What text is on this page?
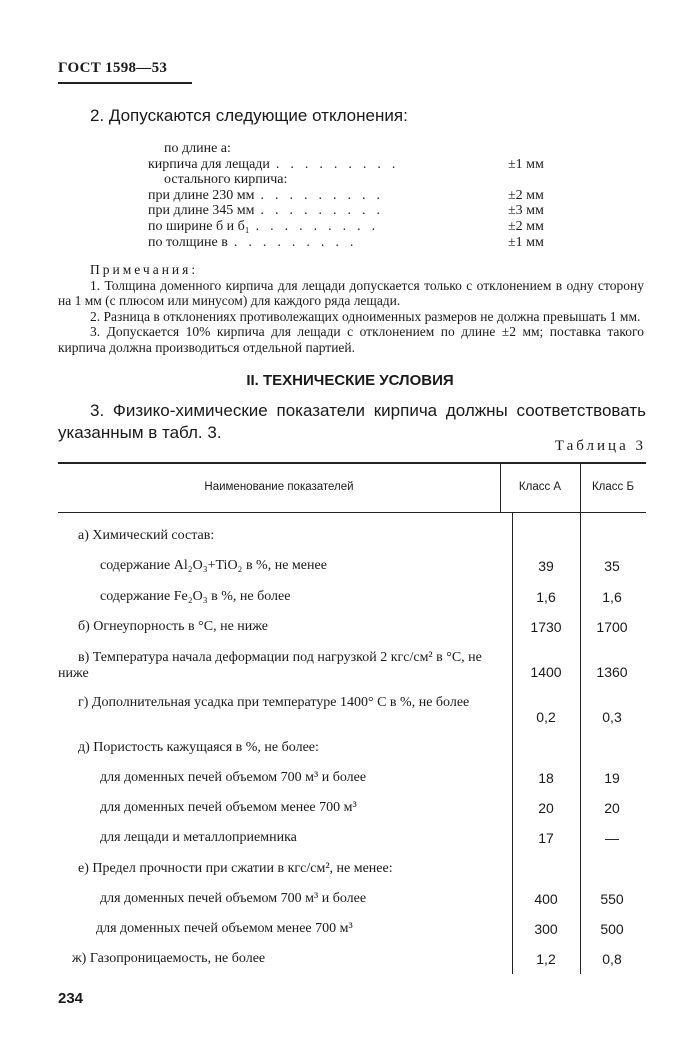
ГОСТ 1598—53
2. Допускаются следующие отклонения:
по длине a:
кирпича для лещади .........	±1 мм
остального кирпича:
при длине 230 мм .........	±2 мм
при длине 345 мм .........	±3 мм
по ширине б и б₁ .........	±2 мм
по толщине в .........	±1 мм
Примечания:

1. Толщина доменного кирпича для лещади допускается только с отклонением в одну сторону на 1 мм (с плюсом или минусом) для каждого ряда лещади.

2. Разница в отклонениях противолежащих одноименных размеров не должна превышать 1 мм.

3. Допускается 10% кирпича для лещади с отклонением по длине ±2 мм; поставка такого кирпича должна производиться отдельной партией.

II. ТЕХНИЧЕСКИЕ УСЛОВИЯ
3. Физико-химические показатели кирпича должны соответствовать указанным в табл. 3.
Таблица 3
Наименование показателей	Класс А	Класс Б
а) Химический состав:
содержание Al₂O₃+TiO₂ в %, не менее	39	35
содержание Fe₂O₃ в %, не более	1,6	1,6
б) Огнеупорность в °С, не ниже	1730	1700
в) Температура начала деформации под нагрузкой 2 кгс/см² в °С, не ниже	1400	1360
г) Дополнительная усадка при температуре 1400° С в %, не более
0,2	0,3
д) Пористость кажущаяся в %, не более:
для доменных печей объемом 700 м³ и более	18	19
для доменных печей объемом менее 700 м³	20	20
для лещади и металлоприемника	17	—
е) Предел прочности при сжатии в кгс/см², не менее:
для доменных печей объемом 700 м³ и более	400	550
для доменных печей объемом менее 700 м³	300	500
ж) Газопроницаемость, не более	1,2	0,8
234
